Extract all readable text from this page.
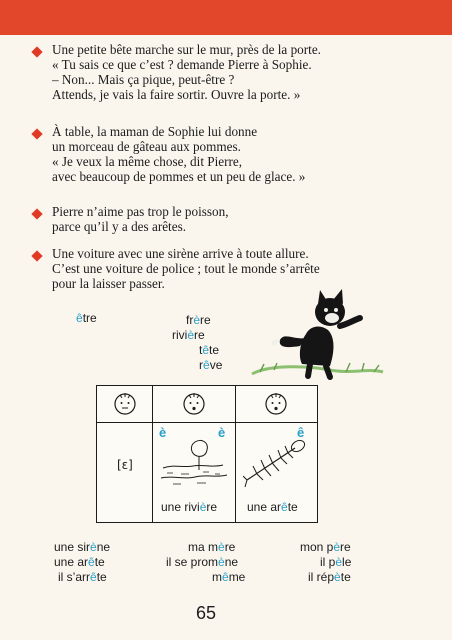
Une petite bête marche sur le mur, près de la porte.
« Tu sais ce que c’est ? demande Pierre à Sophie.
– Non... Mais ça pique, peut-être ?
Attends, je vais la faire sortir. Ouvre la porte. »
À table, la maman de Sophie lui donne
un morceau de gâteau aux pommes.
« Je veux la même chose, dit Pierre,
avec beaucoup de pommes et un peu de glace. »
Pierre n’aime pas trop le poisson,
parce qu’il y a des arêtes.
Une voiture avec une sirène arrive à toute allure.
C’est une voiture de police ; tout le monde s’arrête
pour la laisser passer.
être	frère
rivière
tête
rêve
[ɛ]
è	è	ê
une rivière une arête
une sirène
une arête
il s’arrête
ma mère
il se promène
même
mon père
il pèle
il répète
65
